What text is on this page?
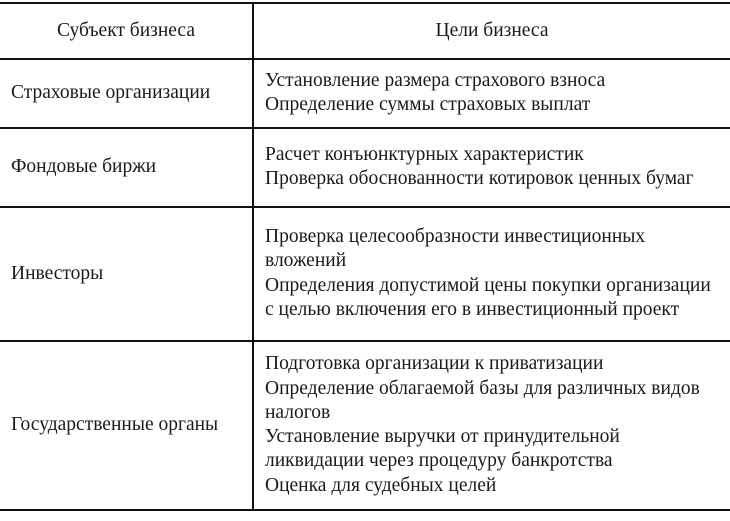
Субъект бизнеса	Цели бизнеса
Страховые организации	Установление размера страхового взноса
Определение суммы страховых выплат

Фондовые биржи	Расчет конъюнктурных характеристик
Проверка обоснованности котировок ценных бумаг

Инвесторы	Проверка целесообразности инвестиционных вложений
Определения допустимой цены покупки организации с целью включения его в инвестиционный проект

Государственные органы	Подготовка организации к приватизации
Определение облагаемой базы для различных видов налогов
Установление выручки от принудительной ликвидации через процедуру банкротства
Оценка для судебных целей
